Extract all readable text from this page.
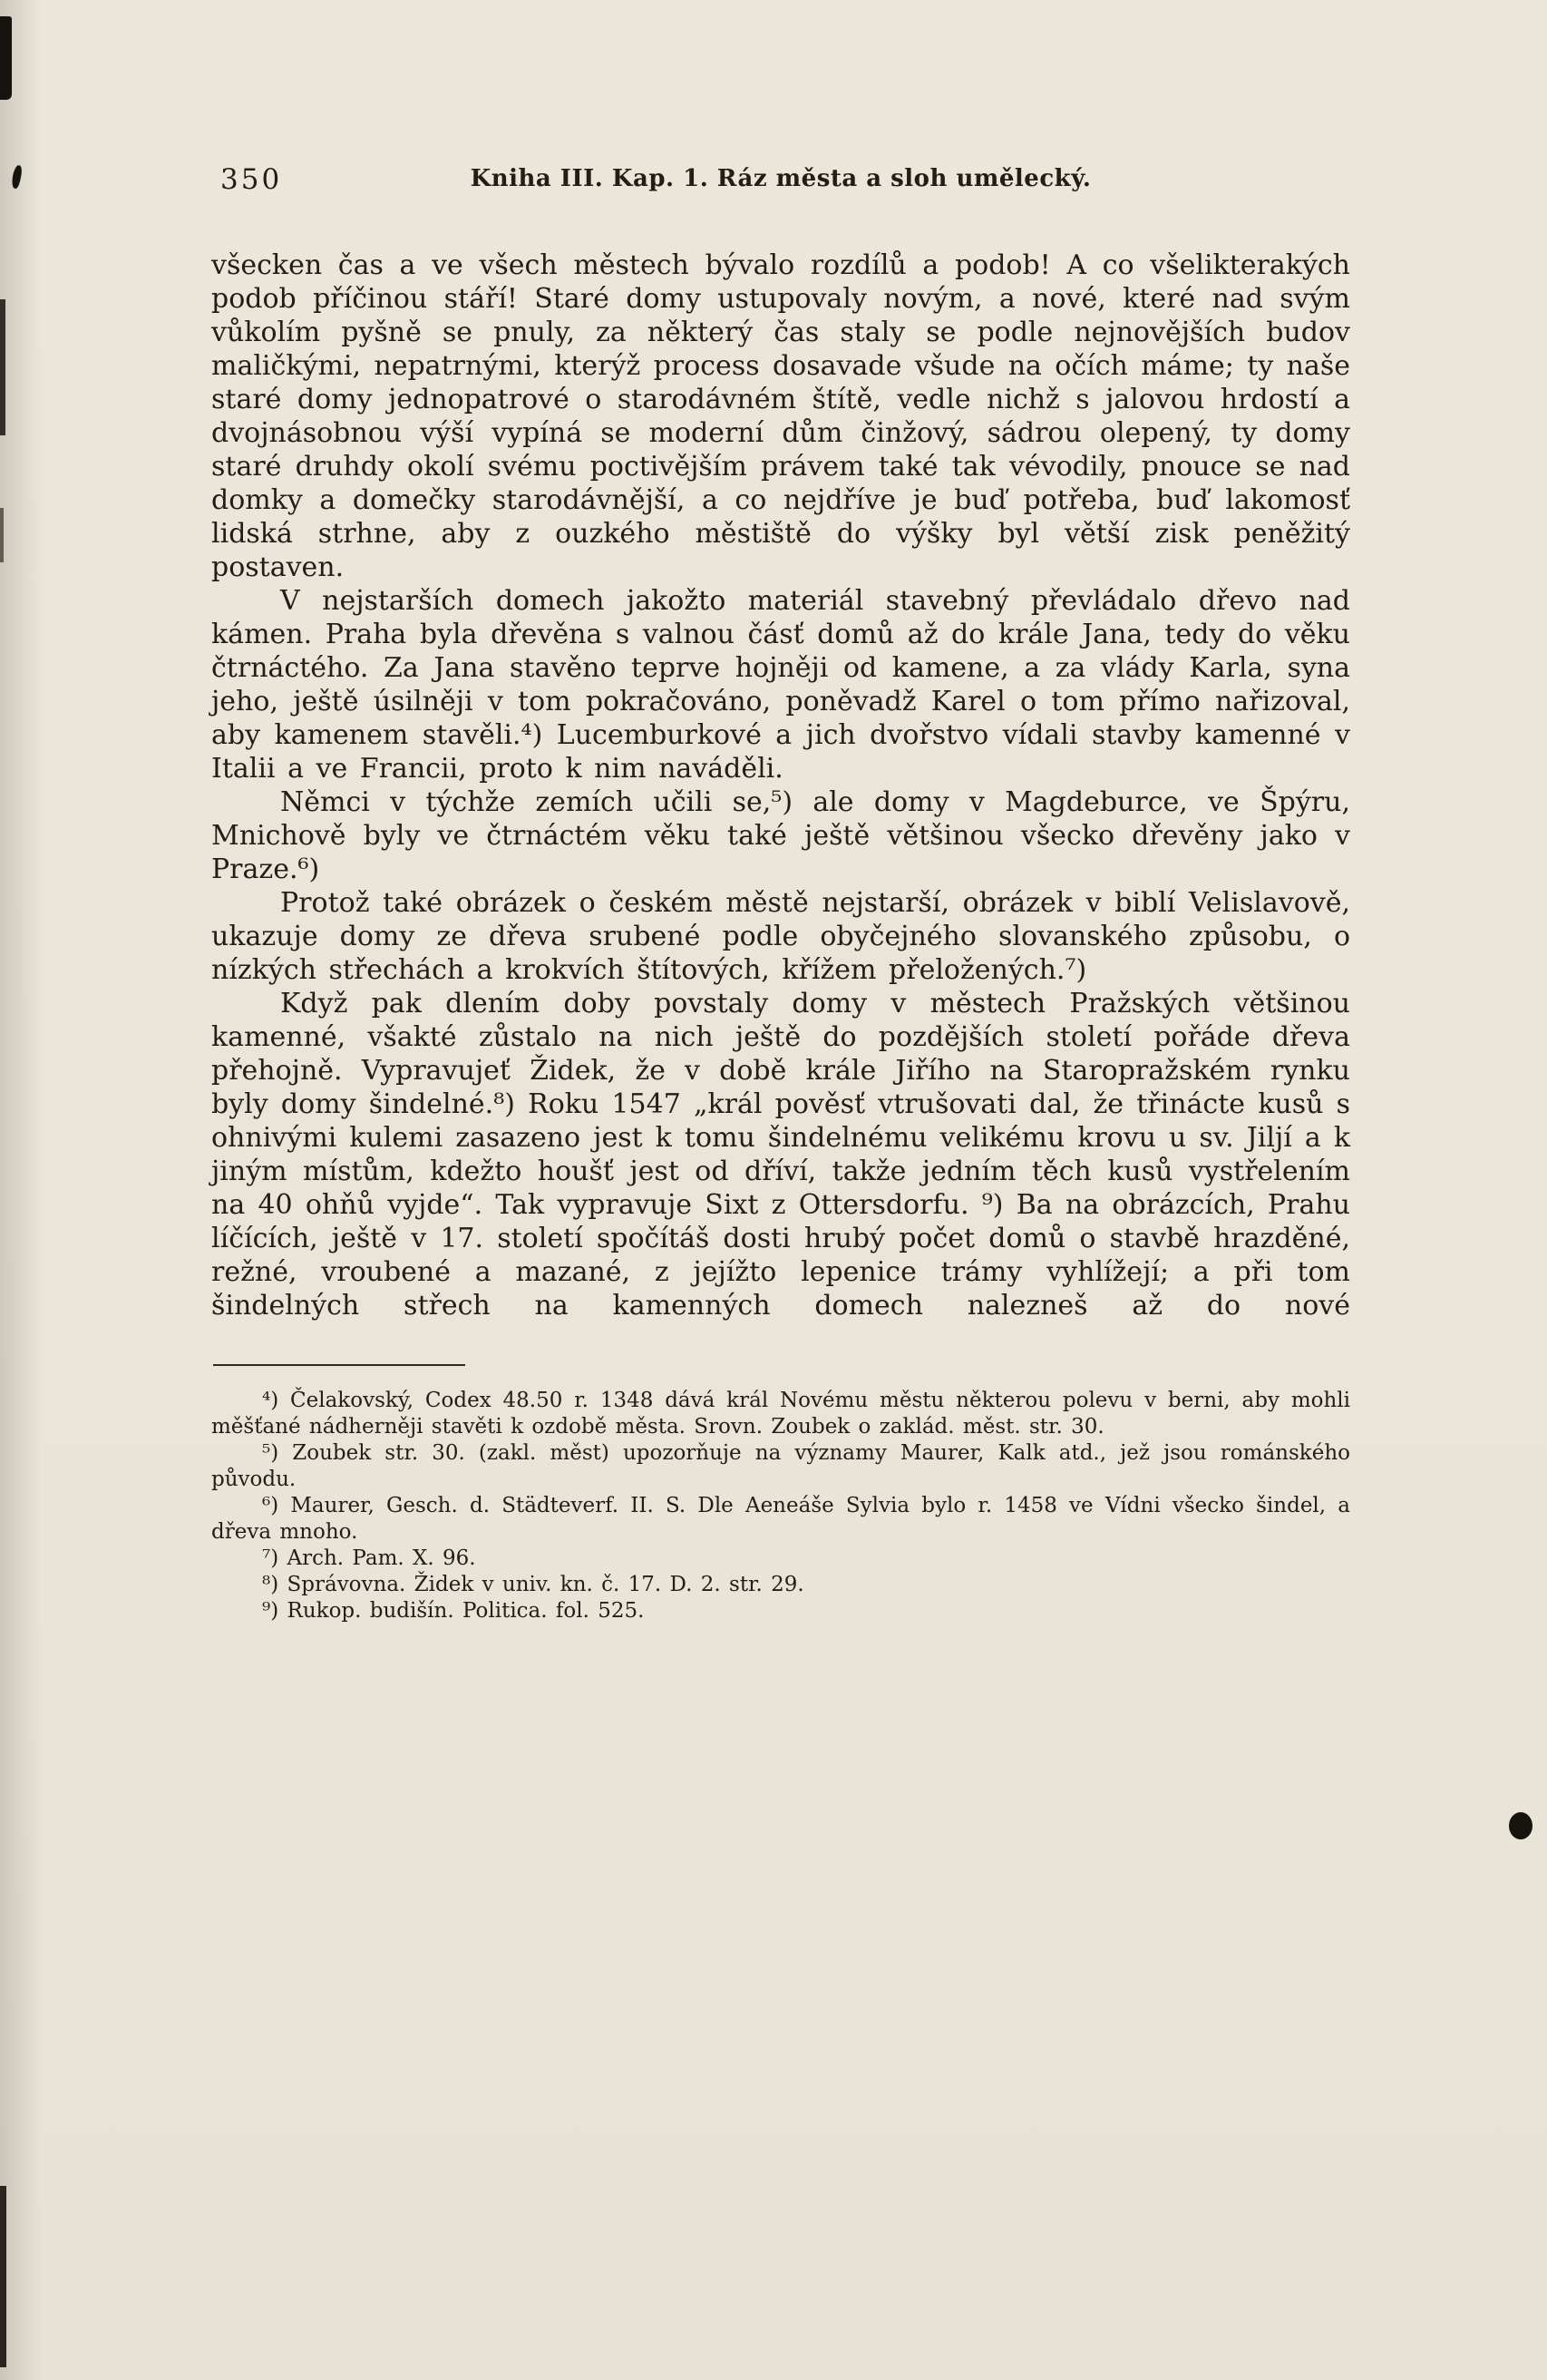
350	Kniha III. Kap. 1. Ráz města a sloh umělecký.

všecken čas a ve všech městech bývalo rozdílů a podob! A co všelikterakých podob příčinou stáří! Staré domy ustupovaly novým, a nové, které nad svým vůkolím pyšně se pnuly, za některý čas staly se podle nejnovějších budov maličkými, nepatrnými, kterýž process dosavade všude na očích máme; ty naše staré domy jednopatrové o starodávném štítě, vedle nichž s jalovou hrdostí a dvojnásobnou výší vypíná se moderní dům činžový, sádrou olepený, ty domy staré druhdy okolí svému poctivějším právem také tak vévodily, pnouce se nad domky a domečky starodávnější, a co nejdříve je buď potřeba, buď lakomosť lidská strhne, aby z ouzkého městiště do výšky byl větší zisk peněžitý postaven.

V nejstarších domech jakožto materiál stavebný převládalo dřevo nad kámen. Praha byla dřevěna s valnou čásť domů až do krále Jana, tedy do věku čtrnáctého. Za Jana stavěno teprve hojněji od kamene, a za vlády Karla, syna jeho, ještě úsilněji v tom pokračováno, poněvadž Karel o tom přímo nařizoval, aby kamenem stavěli.⁴) Lucemburkové a jich dvořstvo vídali stavby kamenné v Italii a ve Francii, proto k nim naváděli.

Němci v týchže zemích učili se,⁵) ale domy v Magdeburce, ve Špýru, Mnichově byly ve čtrnáctém věku také ještě většinou všecko dřevěny jako v Praze.⁶)

Protož také obrázek o českém městě nejstarší, obrázek v biblí Velislavově, ukazuje domy ze dřeva srubené podle obyčejného slovanského způsobu, o nízkých střechách a krokvích štítových, křížem přeložených.⁷)

Když pak dlením doby povstaly domy v městech Pražských většinou kamenné, všakté zůstalo na nich ještě do pozdějších století pořáde dřeva přehojně. Vypravujeť Židek, že v době krále Jiřího na Staropražském rynku byly domy šindelné.⁸) Roku 1547 „král pověsť vtrušovati dal, že třinácte kusů s ohnivými kulemi zasazeno jest k tomu šindelnému velikému krovu u sv. Jiljí a k jiným místům, kdežto houšť jest od dříví, takže jedním těch kusů vystřelením na 40 ohňů vyjde“. Tak vypravuje Sixt z Ottersdorfu. ⁹) Ba na obrázcích, Prahu líčících, ještě v 17. století spočítáš dosti hrubý počet domů o stavbě hrazděné, režné, vroubené a mazané, z jejížto lepenice trámy vyhlížejí; a při tom šindelných střech na kamenných domech nalezneš až do nové

⁴) Čelakovský, Codex 48.50 r. 1348 dává král Novému městu některou polevu v berni, aby mohli měšťané nádherněji stavěti k ozdobě města. Srovn. Zoubek o zaklád. měst. str. 30.

⁵) Zoubek str. 30. (zakl. měst) upozorňuje na významy Maurer, Kalk atd., jež jsou románského původu.

⁶) Maurer, Gesch. d. Städteverf. II. S. Dle Aeneáše Sylvia bylo r. 1458 ve Vídni všecko šindel, a dřeva mnoho.

⁷) Arch. Pam. X. 96.

⁸) Správovna. Židek v univ. kn. č. 17. D. 2. str. 29.

⁹) Rukop. budišín. Politica. fol. 525.
